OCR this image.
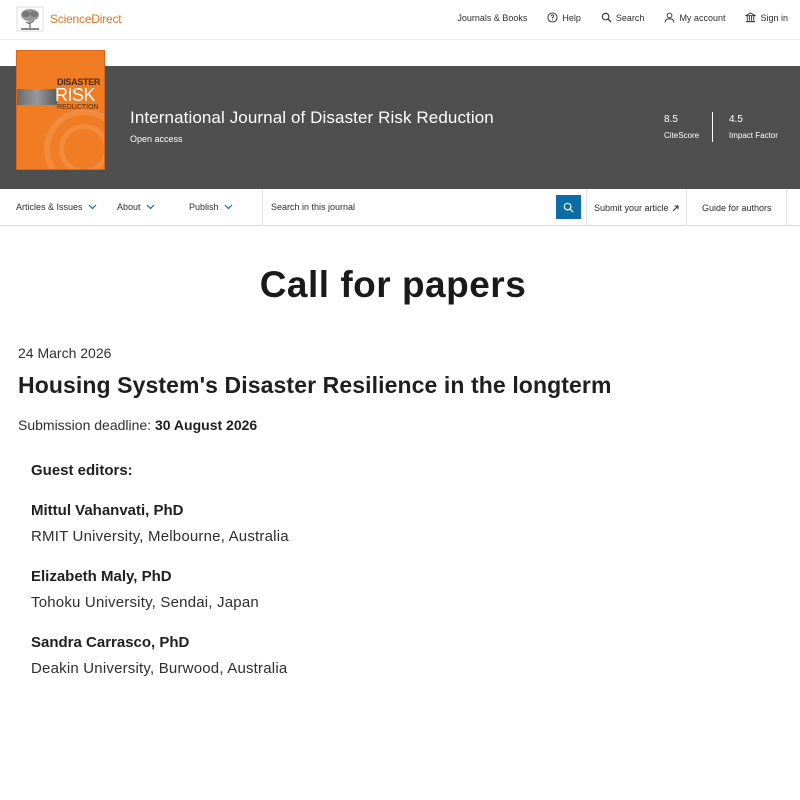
ScienceDirect	Journals & Books	Help	Search	My account	Sign in
International Journal of Disaster Risk Reduction
Open access
8.5
CiteScore
4.5
Impact Factor
DISASTER
RISK
REDUCTION
Articles & Issues	About	Publish
Search in this journal	Submit your article	Guide for authors
Call for papers
24 March 2026
Housing System's Disaster Resilience in the longterm
Submission deadline: 30 August 2026
Guest editors:
Mittul Vahanvati, PhD
RMIT University, Melbourne, Australia
Elizabeth Maly, PhD
Tohoku University, Sendai, Japan
Sandra Carrasco, PhD
Deakin University, Burwood, Australia
